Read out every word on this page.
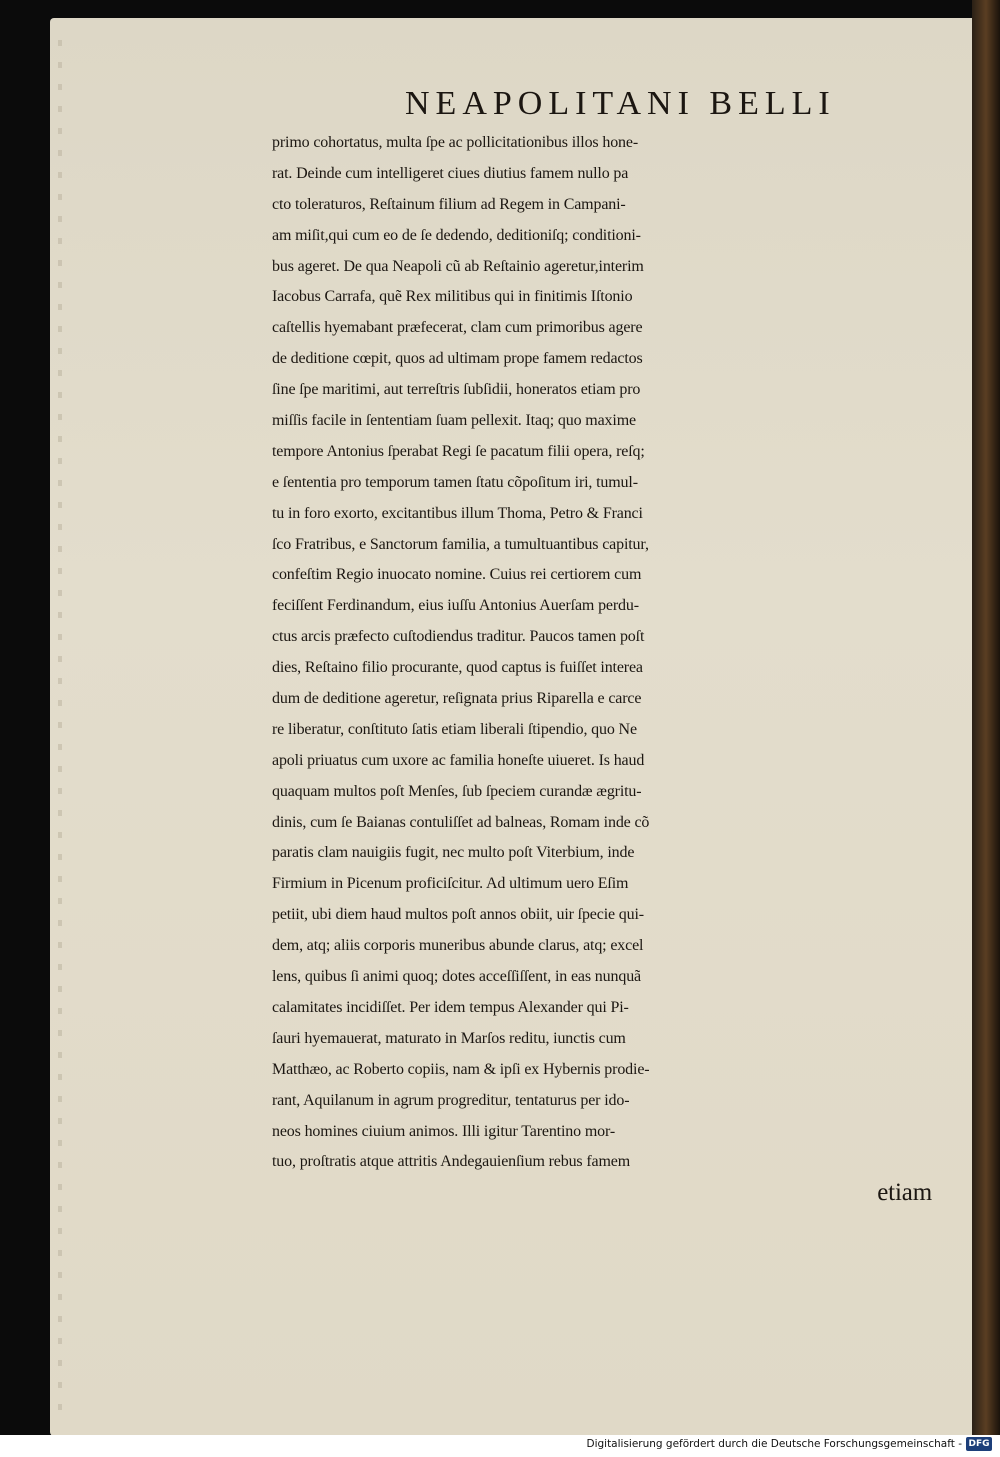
NEAPOLITANI BELLI
primo cohortatus, multa ſpe ac pollicitationibus illos hone-
rat. Deinde cum intelligeret ciues diutius famem nullo pa
cto toleraturos, Reſtainum filium ad Regem in Campani-
am miſit,qui cum eo de ſe dedendo, deditioniſq; conditioni-
bus ageret. De qua Neapoli cũ ab Reſtainio ageretur,interim
Iacobus Carrafa, quẽ Rex militibus qui in finitimis Iſtonio
caſtellis hyemabant præfecerat, clam cum primoribus agere
de deditione cœpit, quos ad ultimam prope famem redactos
ſine ſpe maritimi, aut terreſtris ſubſidii, honeratos etiam pro
miſſis facile in ſententiam ſuam pellexit. Itaq; quo maxime
tempore Antonius ſperabat Regi ſe pacatum filii opera, reſq;
e ſententia pro temporum tamen ſtatu cõpoſitum iri, tumul-
tu in foro exorto, excitantibus illum Thoma, Petro & Franci
ſco Fratribus, e Sanctorum familia, a tumultuantibus capitur,
confeſtim Regio inuocato nomine. Cuius rei certiorem cum
feciſſent Ferdinandum, eius iuſſu Antonius Auerſam perdu-
ctus arcis præfecto cuſtodiendus traditur. Paucos tamen poſt
dies, Reſtaino filio procurante, quod captus is fuiſſet interea
dum de deditione ageretur, reſignata prius Riparella e carce
re liberatur, conſtituto ſatis etiam liberali ſtipendio, quo Ne
apoli priuatus cum uxore ac familia honeſte uiueret. Is haud
quaquam multos poſt Menſes, ſub ſpeciem curandæ ægritu-
dinis, cum ſe Baianas contuliſſet ad balneas, Romam inde cõ
paratis clam nauigiis fugit, nec multo poſt Viterbium, inde
Firmium in Picenum proficiſcitur. Ad ultimum uero Eſim
petiit, ubi diem haud multos poſt annos obiit, uir ſpecie qui-
dem, atq; aliis corporis muneribus abunde clarus, atq; excel
lens, quibus ſi animi quoq; dotes acceſſiſſent, in eas nunquã
calamitates incidiſſet. Per idem tempus Alexander qui Pi-
ſauri hyemauerat, maturato in Marſos reditu, iunctis cum
Matthæo, ac Roberto copiis, nam & ipſi ex Hybernis prodie-
rant, Aquilanum in agrum progreditur, tentaturus per ido-
neos homines ciuium animos. Illi igitur Tarentino mor-
tuo, proſtratis atque attritis Andegauienſium rebus famem
etiam
Digitalisierung gefördert durch die Deutsche Forschungsgemeinschaft - DFG
